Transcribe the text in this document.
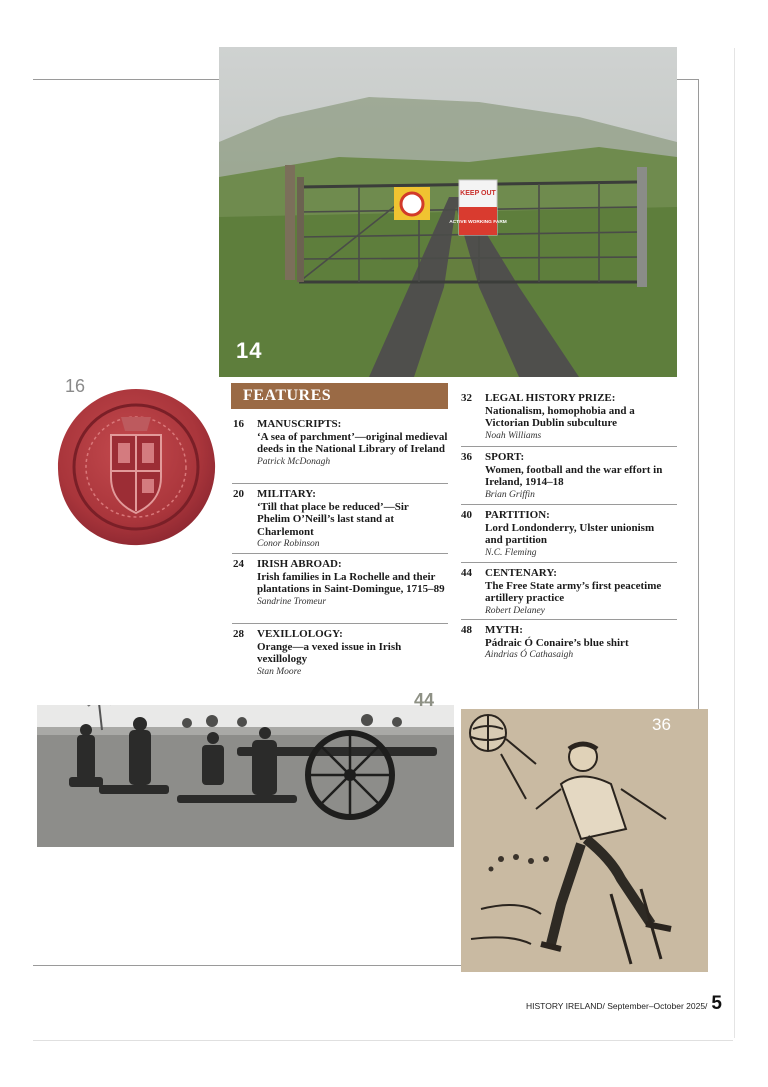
KEEP OUT
ACTIVE WORKING FARM
14
16	FEATURES
16 MANUSCRIPTS:
‘A sea of parchment’—original medieval deeds in the National Library of Ireland
Patrick McDonagh
20 MILITARY:
‘Till that place be reduced’—Sir Phelim O’Neill’s last stand at Charlemont
Conor Robinson
24 IRISH ABROAD:
Irish families in La Rochelle and their plantations in Saint-Domingue, 1715–89
Sandrine Tromeur
28 VEXILLOLOGY:
Orange—a vexed issue in Irish vexillology
Stan Moore
32 LEGAL HISTORY PRIZE:
Nationalism, homophobia and a Victorian Dublin subculture
Noah Williams
36 SPORT:
Women, football and the war effort in Ireland, 1914–18
Brian Griffin
40 PARTITION:
Lord Londonderry, Ulster unionism and partition
N.C. Fleming
44 CENTENARY:
The Free State army’s first peacetime artillery practice
Robert Delaney
48 MYTH:
Pádraic Ó Conaire’s blue shirt
Aindrias Ó Cathasaigh
44
36
HISTORY IRELAND/ September–October 2025/ 5
